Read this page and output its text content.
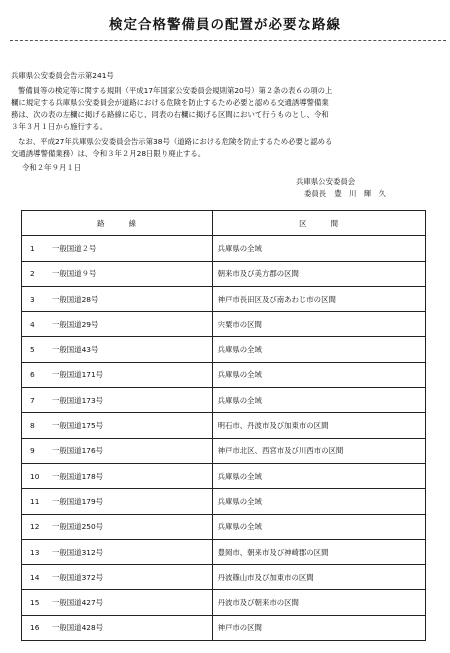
検定合格警備員の配置が必要な路線
兵庫県公安委員会告示第241号
警備員等の検定等に関する規則（平成17年国家公安委員会規則第20号）第２条の表６の項の上
欄に規定する兵庫県公安委員会が道路における危険を防止するため必要と認める交通誘導警備業
務は、次の表の左欄に掲げる路線に応じ、同表の右欄に掲げる区間において行うものとし、令和
３年３月１日から施行する。
なお、平成27年兵庫県公安委員会告示第38号（道路における危険を防止するため必要と認める
交通誘導警備業務）は、令和３年２月28日限り廃止する。
令和２年９月１日
兵庫県公安委員会
委員長 豊　川　輝　久
路　　　線	区　　　間
1 一般国道２号	兵庫県の全域
2 一般国道９号	朝来市及び美方郡の区間
3 一般国道28号	神戸市長田区及び南あわじ市の区間
4 一般国道29号	宍粟市の区間
5 一般国道43号	兵庫県の全域
6 一般国道171号	兵庫県の全域
7 一般国道173号	兵庫県の全域
8 一般国道175号	明石市、丹波市及び加東市の区間
9 一般国道176号	神戸市北区、西宮市及び川西市の区間
10 一般国道178号	兵庫県の全域
11 一般国道179号	兵庫県の全域
12 一般国道250号	兵庫県の全域
13 一般国道312号	豊岡市、朝来市及び神崎郡の区間
14 一般国道372号	丹波篠山市及び加東市の区間
15 一般国道427号	丹波市及び朝来市の区間
16 一般国道428号	神戸市の区間
